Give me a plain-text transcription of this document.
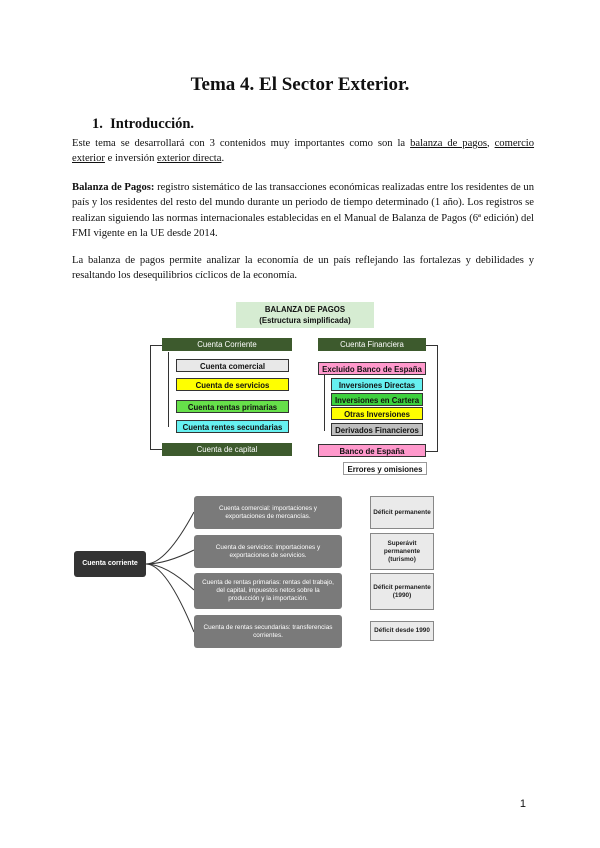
Tema 4. El Sector Exterior.
1. Introducción.
Este tema se desarrollará con 3 contenidos muy importantes como son la balanza de pagos, comercio exterior e inversión exterior directa.
Balanza de Pagos: registro sistemático de las transacciones económicas realizadas entre los residentes de un país y los residentes del resto del mundo durante un periodo de tiempo determinado (1 año). Los registros se realizan siguiendo las normas internacionales establecidas en el Manual de Balanza de Pagos (6ª edición) del FMI vigente en la UE desde 2014.
La balanza de pagos permite analizar la economía de un país reflejando las fortalezas y debilidades y resaltando los desequilibrios cíclicos de la economía.
BALANZA DE PAGOS
(Estructura simplificada)
Cuenta Corriente
Cuenta comercial
Cuenta de servicios
Cuenta rentas primarias
Cuenta rentes secundarias
Cuenta de capital
Cuenta Financiera
Excluido Banco de España
Inversiones Directas
Inversiones en Cartera
Otras Inversiones
Derivados Financieros
Banco de España
Errores y omisiones
Cuenta corriente
Cuenta comercial: importaciones y exportaciones de mercancías.
Déficit permanente
Cuenta de servicios: importaciones y exportaciones de servicios.
Superávit permanente (turismo)
Cuenta de rentas primarias: rentas del trabajo, del capital, impuestos netos sobre la producción y la importación.
Déficit permanente (1990)
Cuenta de rentas secundarias: transferencias corrientes.
Déficit desde 1990
1
